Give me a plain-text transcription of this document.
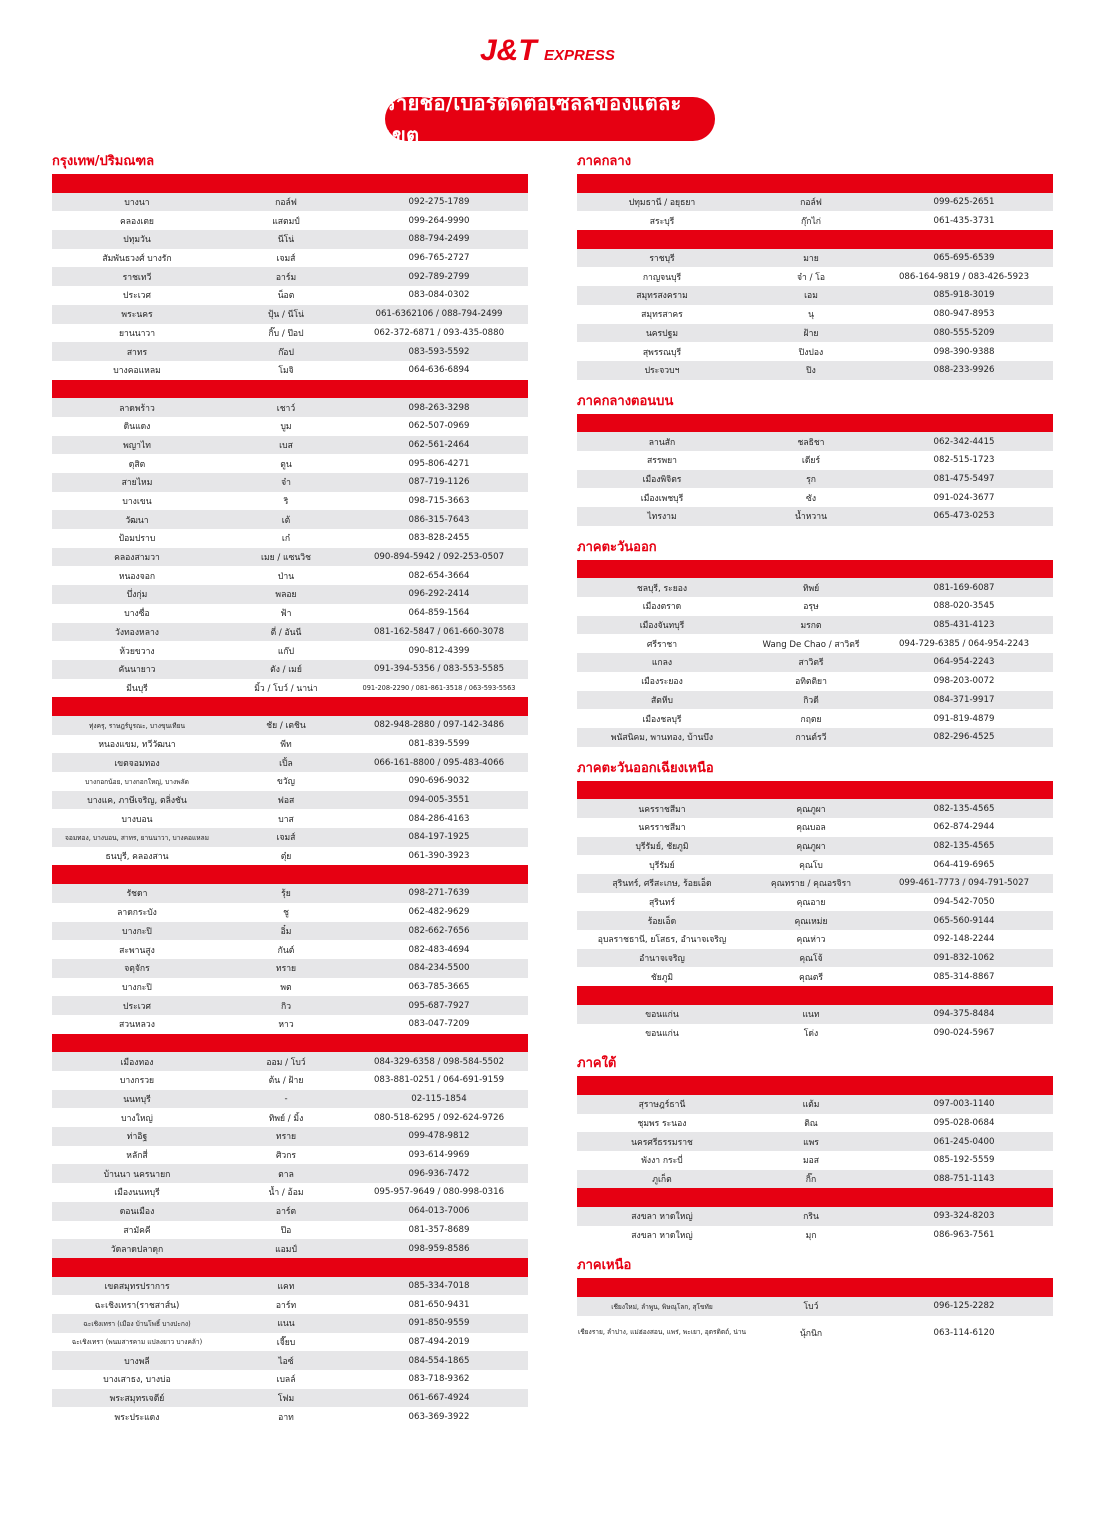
J&T EXPRESS
รายชื่อ/เบอร์ติดต่อเซลล์ของแต่ละเขต
กรุงเทพ/ปริมณฑล
บางนา	กอล์ฟ	092-275-1789
คลองเตย	แสตมป์	099-264-9990
ปทุมวัน	นีโน่	088-794-2499
สัมพันธวงศ์ บางรัก	เจมส์	096-765-2727
ราชเทวี	อาร์ม	092-789-2799
ประเวศ	น็อต	083-084-0302
พระนคร	ปุ้น / นีโน่	061-6362106 / 088-794-2499
ยานนาวา	กิ๊บ / ป๊อป	062-372-6871 / 093-435-0880
สาทร	ก๊อป	083-593-5592
บางคอแหลม	โมจิ	064-636-6894
ลาดพร้าว	เชาว์	098-263-3298
ดินแดง	บูม	062-507-0969
พญาไท	เบส	062-561-2464
ดุสิต	ตูน	095-806-4271
สายไหม	จ๋า	087-719-1126
บางเขน	ริ	098-715-3663
วัฒนา	เต้	086-315-7643
ป้อมปราบ	เก๋	083-828-2455
คลองสามวา	เมย / แซนวิช	090-894-5942 / 092-253-0507
หนองจอก	ป่าน	082-654-3664
บึ่งกุ่ม	พลอย	096-292-2414
บางซื่อ	ฟ้า	064-859-1564
วังทองหลาง	ตี่ / อันนี	081-162-5847 / 061-660-3078
ห้วยขวาง	แก๊ป	090-812-4399
คันนายาว	ตัง / เมย์	091-394-5356 / 083-553-5585
มีนบุรี	มิ้ว / โบว์ / นาน่า	091-208-2290 / 081-861-3518 / 063-593-5563
ทุ่งครุ, ราษฎร์บูรณะ, บางขุนเทียน	ชัย / เตชิน	082-948-2880 / 097-142-3486
หนองแขม, ทวีวัฒนา	พีท	081-839-5599
เขตจอมทอง	เปิ้ล	066-161-8800 / 095-483-4066
บางกอกน้อย, บางกอกใหญ่, บางพลัด	ขวัญ	090-696-9032
บางแค, ภาษีเจริญ, ตลิ่งชัน	ฟอส	094-005-3551
บางบอน	บาส	084-286-4163
จอมทอง, บางบอน, สาทร, ยานนาวา, บางคอแหลม	เจมส์	084-197-1925
ธนบุรี, คลองสาน	ตุ๋ย	061-390-3923
รัชดา	รุ้ย	098-271-7639
ลาดกระบัง	ชู	062-482-9629
บางกะปิ	อิ๋ม	082-662-7656
สะพานสูง	กันต์	082-483-4694
จตุจักร	ทราย	084-234-5500
บางกะปิ	พต	063-785-3665
ประเวศ	กิว	095-687-7927
สวนหลวง	หาว	083-047-7209
เมืองทอง	ออม / โบว์	084-329-6358 / 098-584-5502
บางกรวย	ต้น / ฝ้าย	083-881-0251 / 064-691-9159
นนทบุรี	-	02-115-1854
บางใหญ่	ทิพย์ / มิ้ง	080-518-6295 / 092-624-9726
ท่าอิฐ	ทราย	099-478-9812
หลักสี่	ศิวกร	093-614-9969
บ้านนา นครนายก	ตาล	096-936-7472
เมืองนนทบุรี	น้ำ / อ้อม	095-957-9649 / 080-998-0316
ดอนเมือง	อาร์ต	064-013-7006
สามัคคี	ป๊อ	081-357-8689
วัดลาดปลาดุก	แอมป์	098-959-8586
เขตสมุทรปราการ	แคท	085-334-7018
ฉะเชิงเทรา(ราชสาส์น)	อาร์ท	081-650-9431
ฉะเชิงเทรา (เมือง บ้านโพธิ์ บางปะกง)	แนน	091-850-9559
ฉะเชิงเทรา (พนมสารคาม แปลงยาว บางคล้า)	เจี๊ยบ	087-494-2019
บางพลี	ไอซ์	084-554-1865
บางเสาธง, บางบ่อ	เบลล์	083-718-9362
พระสมุทรเจดีย์	โฟม	061-667-4924
พระประแดง	อาท	063-369-3922
ภาคกลาง
ปทุมธานี / อยุธยา	กอล์ฟ	099-625-2651
สระบุรี	กุ๊กไก่	061-435-3731
ราชบุรี	มาย	065-695-6539
กาญจนบุรี	จ๋า / โอ	086-164-9819 / 083-426-5923
สมุทรสงคราม	เอม	085-918-3019
สมุทรสาคร	นุ	080-947-8953
นครปฐม	ฝ้าย	080-555-5209
สุพรรณบุรี	ปิงปอง	098-390-9388
ประจวบฯ	ปิง	088-233-9926
ภาคกลางตอนบน
ลานสัก	ชลธิชา	062-342-4415
สรรพยา	เดียร์	082-515-1723
เมืองพิจิตร	รุก	081-475-5497
เมืองเพชบุรี	ซัง	091-024-3677
ไทรงาม	น้ำหวาน	065-473-0253
ภาคตะวันออก
ชลบุรี, ระยอง	ทิพย์	081-169-6087
เมืองตราด	อรุษ	088-020-3545
เมืองจันทบุรี	มรกต	085-431-4123
ศรีราชา	Wang De Chao / สาวิตรี	094-729-6385 / 064-954-2243
แกลง	สาวิตรี	064-954-2243
เมืองระยอง	อทิตติยา	098-203-0072
สัตหีบ	กิวดี	084-371-9917
เมืองชลบุรี	กฤตย	091-819-4879
พนัสนิคม, พานทอง, บ้านบึง	กานต์รวี	082-296-4525
ภาคตะวันออกเฉียงเหนือ
นครราชสีมา	คุณภูผา	082-135-4565
นครราชสีมา	คุณบอล	062-874-2944
บุรีรัมย์, ชัยภูมิ	คุณภูผา	082-135-4565
บุรีรัมย์	คุณโบ	064-419-6965
สุรินทร์, ศรีสะเกษ, ร้อยเอ็ด	คุณทราย / คุณอรจิรา	099-461-7773 / 094-791-5027
สุรินทร์	คุณอาย	094-542-7050
ร้อยเอ็ด	คุณเหม่ย	065-560-9144
อุบลราชธานี, ยโสธร, อำนาจเจริญ	คุณห่าว	092-148-2244
อำนาจเจริญ	คุณโจ้	091-832-1062
ชัยภูมิ	คุณตรี	085-314-8867
ขอนแก่น	แนท	094-375-8484
ขอนแก่น	โด่ง	090-024-5967
ภาคใต้
สุราษฎร์ธานี	แต้ม	097-003-1140
ชุมพร ระนอง	ติณ	095-028-0684
นครศรีธรรมราช	แพร	061-245-0400
พังงา กระบี่	มอส	085-192-5559
ภูเก็ต	กิ๊ก	088-751-1143
สงขลา หาดใหญ่	กริน	093-324-8203
สงขลา หาดใหญ่	มุก	086-963-7561
ภาคเหนือ
เชียงใหม่, ลำพูน, พิษณุโลก, สุโขทัย	โบว์	096-125-2282
เชียงราย, ลำปาง, แม่ฮ่องสอน, แพร่, พะเยา, อุตรดิตถ์, น่าน	นุ้กนิก	063-114-6120
